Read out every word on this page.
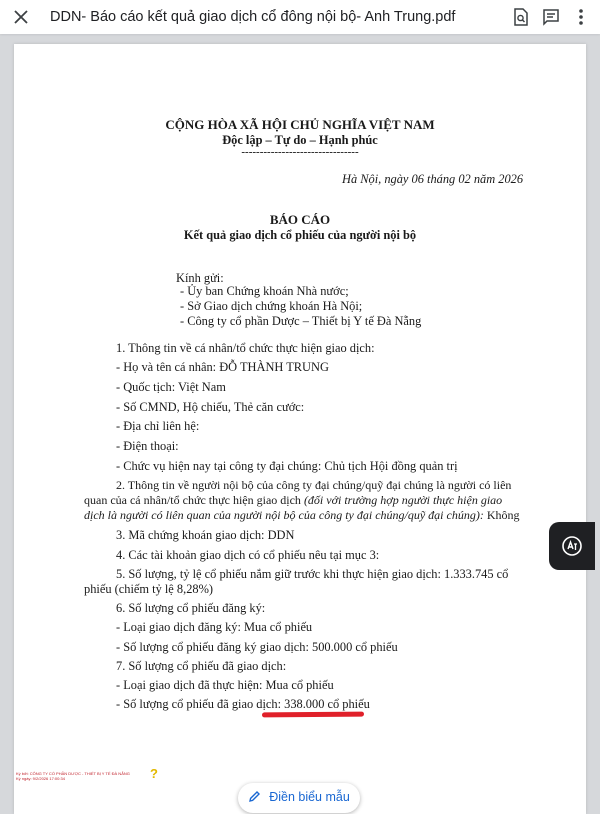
DDN- Báo cáo kết quả giao dịch cổ đông nội bộ- Anh Trung.pdf
CỘNG HÒA XÃ HỘI CHỦ NGHĨA VIỆT NAM
Độc lập – Tự do – Hạnh phúc
--------------------------------
Hà Nội, ngày 06 tháng 02 năm 2026
BÁO CÁO
Kết quả giao dịch cổ phiếu của người nội bộ
Kính gửi:
- Ủy ban Chứng khoán Nhà nước;
- Sở Giao dịch chứng khoán Hà Nội;
- Công ty cổ phần Dược – Thiết bị Y tế Đà Nẵng
1. Thông tin về cá nhân/tổ chức thực hiện giao dịch:
- Họ và tên cá nhân: ĐỖ THÀNH TRUNG
- Quốc tịch: Việt Nam
- Số CMND, Hộ chiếu, Thẻ căn cước:
- Địa chỉ liên hệ:
- Điện thoại:
- Chức vụ hiện nay tại công ty đại chúng: Chủ tịch Hội đồng quản trị
2. Thông tin về người nội bộ của công ty đại chúng/quỹ đại chúng là người có liên
quan của cá nhân/tổ chức thực hiện giao dịch (đối với trường hợp người thực hiện giao
dịch là người có liên quan của người nội bộ của công ty đại chúng/quỹ đại chúng): Không
3. Mã chứng khoán giao dịch: DDN
4. Các tài khoản giao dịch có cổ phiếu nêu tại mục 3:
5. Số lượng, tỷ lệ cổ phiếu nắm giữ trước khi thực hiện giao dịch: 1.333.745 cổ
phiếu (chiếm tỷ lệ 8,28%)
6. Số lượng cổ phiếu đăng ký:
- Loại giao dịch đăng ký: Mua cổ phiếu
- Số lượng cổ phiếu đăng ký giao dịch: 500.000 cổ phiếu
7. Số lượng cổ phiếu đã giao dịch:
- Loại giao dịch đã thực hiện: Mua cổ phiếu
- Số lượng cổ phiếu đã giao dịch: 338.000 cổ phiếu
Ký bởi: CÔNG TY CỔ PHẦN DƯỢC - THIẾT BỊ Y TẾ ĐÀ NẴNG
Ký ngày: 9/2/2026 17:00:34	?
Điền biểu mẫu
